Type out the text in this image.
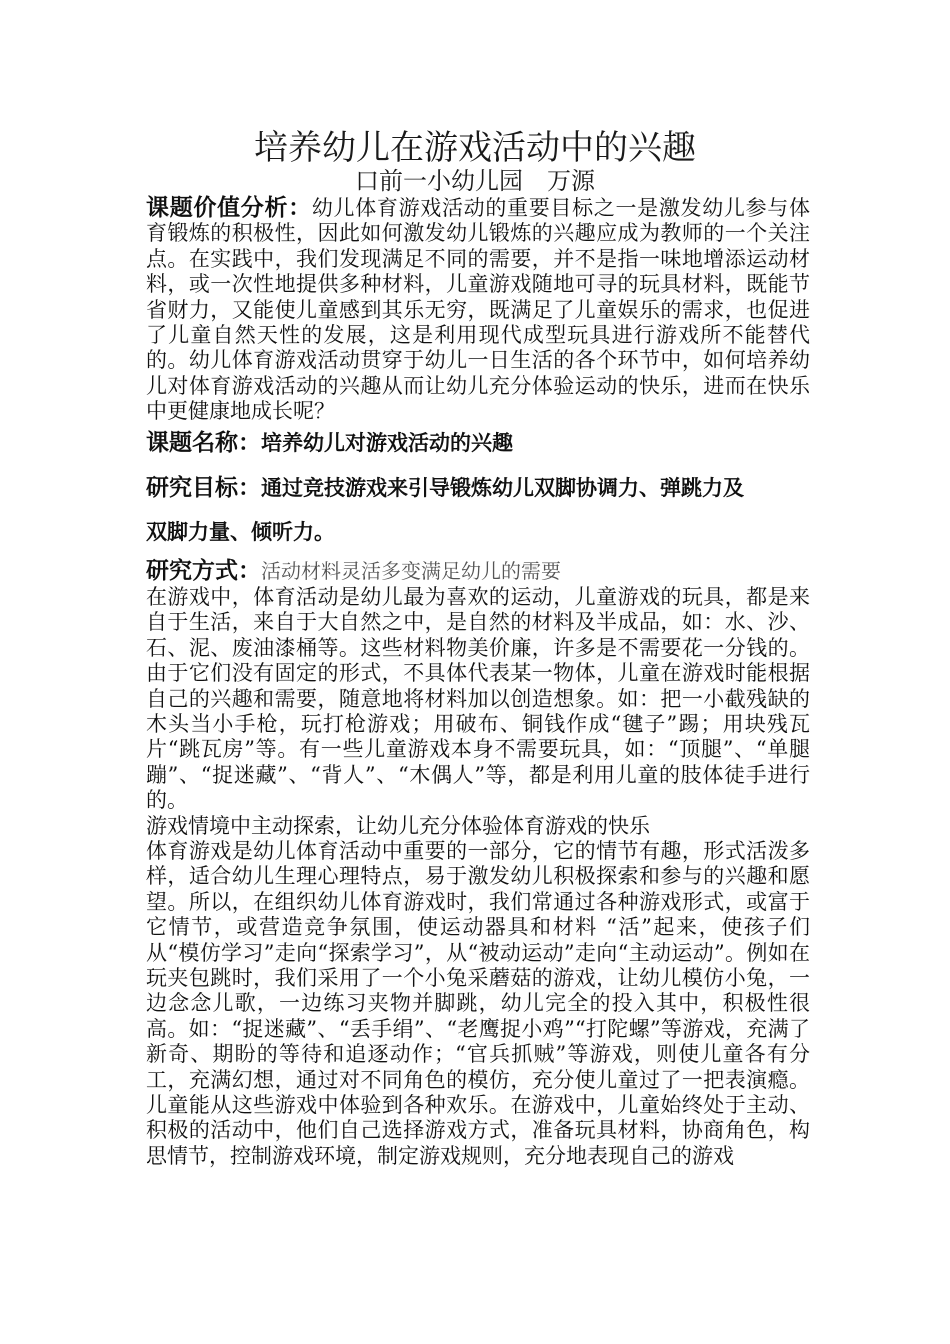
培养幼儿在游戏活动中的兴趣
口前一小幼儿园　万源

课题价值分析：幼儿体育游戏活动的重要目标之一是激发幼儿参与体育锻炼的积极性，因此如何激发幼儿锻炼的兴趣应成为教师的一个关注点。在实践中，我们发现满足不同的需要，并不是指一味地增添运动材料，或一次性地提供多种材料，儿童游戏随地可寻的玩具材料，既能节省财力，又能使儿童感到其乐无穷，既满足了儿童娱乐的需求，也促进了儿童自然天性的发展，这是利用现代成型玩具进行游戏所不能替代的。幼儿体育游戏活动贯穿于幼儿一日生活的各个环节中，如何培养幼儿对体育游戏活动的兴趣从而让幼儿充分体验运动的快乐，进而在快乐中更健康地成长呢？

课题名称：培养幼儿对游戏活动的兴趣

研究目标：通过竞技游戏来引导锻炼幼儿双脚协调力、弹跳力及

双脚力量、倾听力。

研究方式：活动材料灵活多变满足幼儿的需要

在游戏中，体育活动是幼儿最为喜欢的运动，儿童游戏的玩具，都是来自于生活，来自于大自然之中，是自然的材料及半成品，如：水、沙、石、泥、废油漆桶等。这些材料物美价廉，许多是不需要花一分钱的。由于它们没有固定的形式，不具体代表某一物体，儿童在游戏时能根据自己的兴趣和需要，随意地将材料加以创造想象。如：把一小截残缺的木头当小手枪，玩打枪游戏；用破布、铜钱作成“毽子”踢；用块残瓦片“跳瓦房”等。有一些儿童游戏本身不需要玩具，如：“顶腿”、“单腿蹦”、“捉迷藏”、“背人”、“木偶人”等，都是利用儿童的肢体徒手进行的。

游戏情境中主动探索，让幼儿充分体验体育游戏的快乐

体育游戏是幼儿体育活动中重要的一部分，它的情节有趣，形式活泼多样，适合幼儿生理心理特点，易于激发幼儿积极探索和参与的兴趣和愿望。所以，在组织幼儿体育游戏时，我们常通过各种游戏形式，或富于它情节，或营造竞争氛围，使运动器具和材料 “活”起来，使孩子们从“模仿学习”走向“探索学习”，从“被动运动”走向“主动运动”。例如在玩夹包跳时，我们采用了一个小兔采蘑菇的游戏，让幼儿模仿小兔，一边念念儿歌，一边练习夹物并脚跳，幼儿完全的投入其中，积极性很高。如：“捉迷藏”、“丢手绢”、“老鹰捉小鸡”“打陀螺”等游戏，充满了新奇、期盼的等待和追逐动作；“官兵抓贼”等游戏，则使儿童各有分工，充满幻想，通过对不同角色的模仿，充分使儿童过了一把表演瘾。儿童能从这些游戏中体验到各种欢乐。在游戏中，儿童始终处于主动、积极的活动中，他们自己选择游戏方式，准备玩具材料，协商角色，构思情节，控制游戏环境，制定游戏规则，充分地表现自己的游戏
